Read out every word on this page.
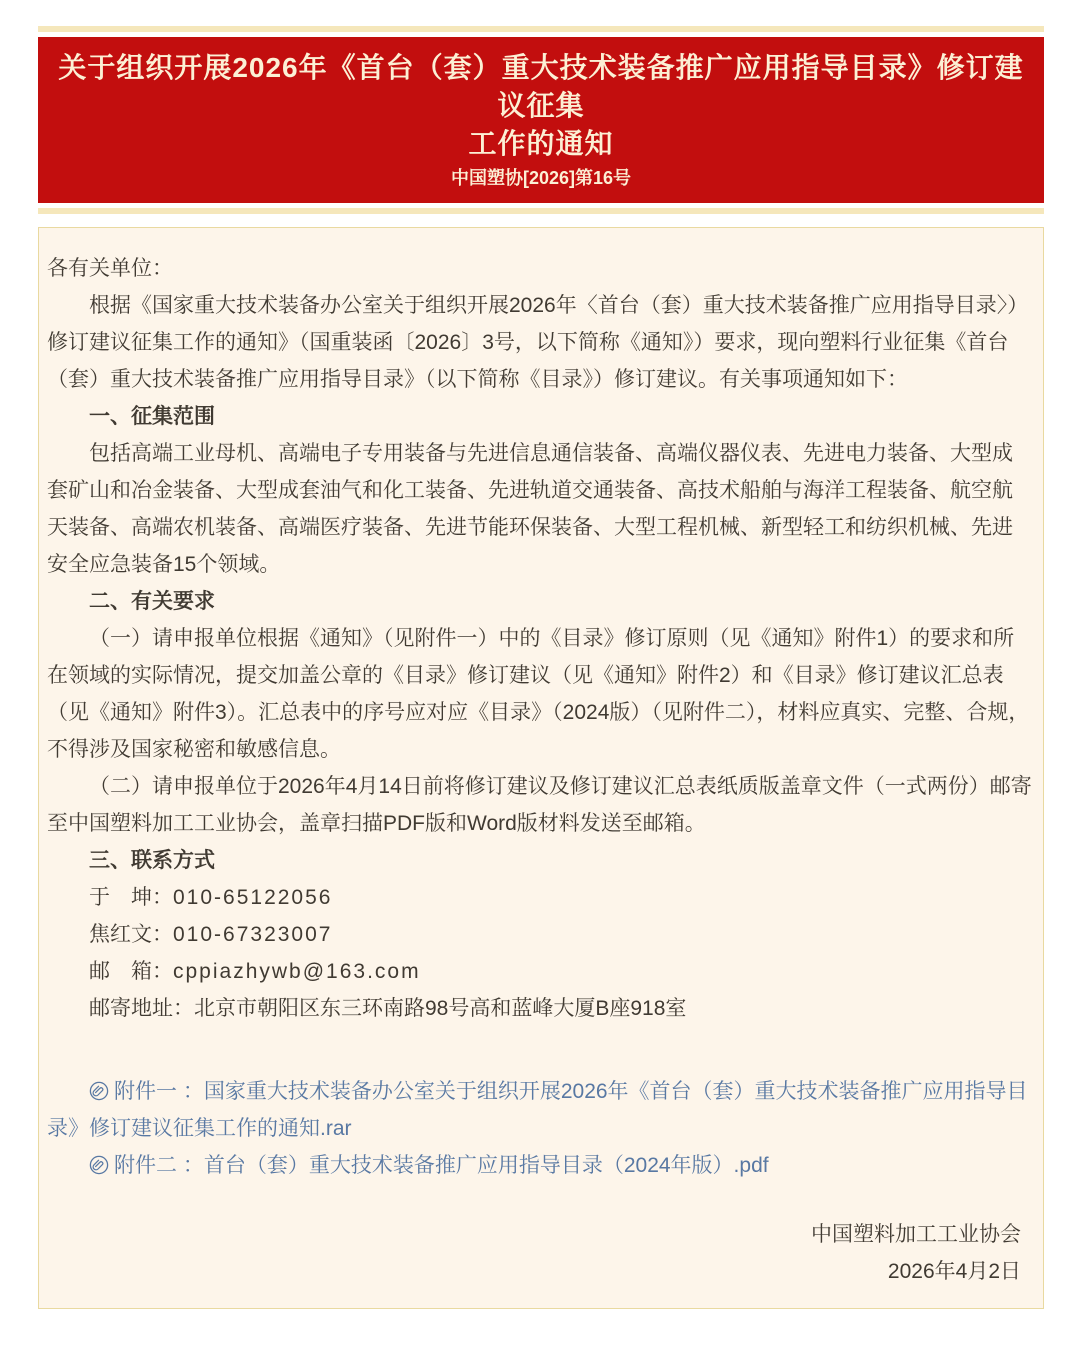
关于组织开展2026年《首台（套）重大技术装备推广应用指导目录》修订建议征集
工作的通知
中国塑协[2026]第16号

各有关单位：

根据《国家重大技术装备办公室关于组织开展2026年〈首台（套）重大技术装备推广应用指导目录〉）修订建议征集工作的通知》（国重装函〔2026〕3号，以下简称《通知》）要求，现向塑料行业征集《首台（套）重大技术装备推广应用指导目录》（以下简称《目录》）修订建议。有关事项通知如下：

一、征集范围

包括高端工业母机、高端电子专用装备与先进信息通信装备、高端仪器仪表、先进电力装备、大型成套矿山和冶金装备、大型成套油气和化工装备、先进轨道交通装备、高技术船舶与海洋工程装备、航空航天装备、高端农机装备、高端医疗装备、先进节能环保装备、大型工程机械、新型轻工和纺织机械、先进安全应急装备15个领域。

二、有关要求

（一）请申报单位根据《通知》（见附件一）中的《目录》修订原则（见《通知》附件1）的要求和所在领域的实际情况，提交加盖公章的《目录》修订建议（见《通知》附件2）和《目录》修订建议汇总表（见《通知》附件3）。汇总表中的序号应对应《目录》（2024版）（见附件二），材料应真实、完整、合规，不得涉及国家秘密和敏感信息。

（二）请申报单位于2026年4月14日前将修订建议及修订建议汇总表纸质版盖章文件（一式两份）邮寄至中国塑料加工工业协会，盖章扫描PDF版和Word版材料发送至邮箱。

三、联系方式

于　坤：010-65122056

焦红文：010-67323007

邮　箱：cppiazhywb@163.com

邮寄地址：北京市朝阳区东三环南路98号高和蓝峰大厦B座918室

附件一 ：国家重大技术装备办公室关于组织开展2026年《首台（套）重大技术装备推广应用指导目录》修订建议征集工作的通知.rar

附件二 ：首台（套）重大技术装备推广应用指导目录（2024年版）.pdf

中国塑料加工工业协会

2026年4月2日
